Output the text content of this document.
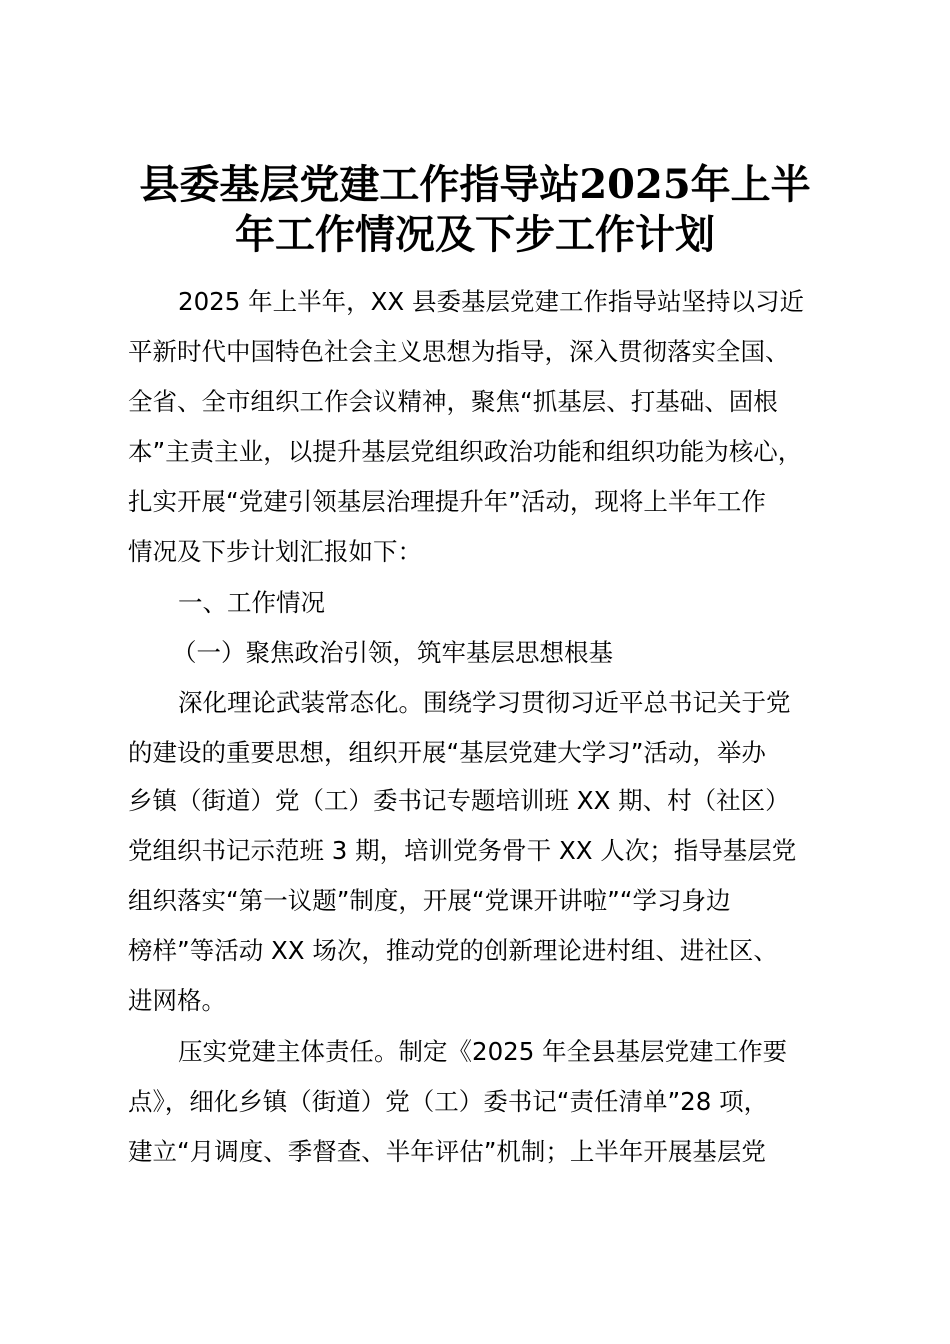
县委基层党建工作指导站2025年上半
年工作情况及下步工作计划

2025 年上半年，XX 县委基层党建工作指导站坚持以习近

平新时代中国特色社会主义思想为指导，深入贯彻落实全国、

全省、全市组织工作会议精神，聚焦“抓基层、打基础、固根

本”主责主业，以提升基层党组织政治功能和组织功能为核心，

扎实开展“党建引领基层治理提升年”活动，现将上半年工作

情况及下步计划汇报如下：

一、工作情况

（一）聚焦政治引领，筑牢基层思想根基

深化理论武装常态化。围绕学习贯彻习近平总书记关于党

的建设的重要思想，组织开展“基层党建大学习”活动，举办

乡镇（街道）党（工）委书记专题培训班 XX 期、村（社区）

党组织书记示范班 3 期，培训党务骨干 XX 人次；指导基层党

组织落实“第一议题”制度，开展“党课开讲啦”“学习身边

榜样”等活动 XX 场次，推动党的创新理论进村组、进社区、

进网格。

压实党建主体责任。制定《2025 年全县基层党建工作要

点》，细化乡镇（街道）党（工）委书记“责任清单”28 项，

建立“月调度、季督查、半年评估”机制；上半年开展基层党
